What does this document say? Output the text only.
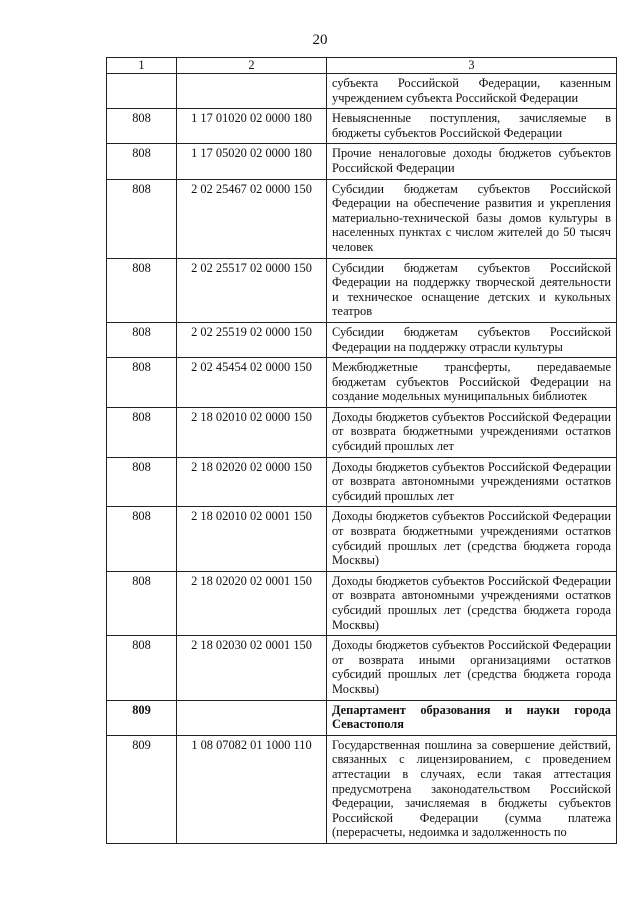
20
1	2	3
		субъекта Российской Федерации, казенным учреждением субъекта Российской Федерации
808	1 17 01020 02 0000 180	Невыясненные поступления, зачисляемые в бюджеты субъектов Российской Федерации
808	1 17 05020 02 0000 180	Прочие неналоговые доходы бюджетов субъектов Российской Федерации
808	2 02 25467 02 0000 150	Субсидии бюджетам субъектов Российской Федерации на обеспечение развития и укрепления материально-технической базы домов культуры в населенных пунктах с числом жителей до 50 тысяч человек
808	2 02 25517 02 0000 150	Субсидии бюджетам субъектов Российской Федерации на поддержку творческой деятельности и техническое оснащение детских и кукольных театров
808	2 02 25519 02 0000 150	Субсидии бюджетам субъектов Российской Федерации на поддержку отрасли культуры
808	2 02 45454 02 0000 150	Межбюджетные трансферты, передаваемые бюджетам субъектов Российской Федерации на создание модельных муниципальных библиотек
808	2 18 02010 02 0000 150	Доходы бюджетов субъектов Российской Федерации от возврата бюджетными учреждениями остатков субсидий прошлых лет
808	2 18 02020 02 0000 150	Доходы бюджетов субъектов Российской Федерации от возврата автономными учреждениями остатков субсидий прошлых лет
808	2 18 02010 02 0001 150	Доходы бюджетов субъектов Российской Федерации от возврата бюджетными учреждениями остатков субсидий прошлых лет (средства бюджета города Москвы)
808	2 18 02020 02 0001 150	Доходы бюджетов субъектов Российской Федерации от возврата автономными учреждениями остатков субсидий прошлых лет (средства бюджета города Москвы)
808	2 18 02030 02 0001 150	Доходы бюджетов субъектов Российской Федерации от возврата иными организациями остатков субсидий прошлых лет (средства бюджета города Москвы)
809		Департамент образования и науки города Севастополя
809	1 08 07082 01 1000 110	Государственная пошлина за совершение действий, связанных с лицензированием, с проведением аттестации в случаях, если такая аттестация предусмотрена законодательством Российской Федерации, зачисляемая в бюджеты субъектов Российской Федерации (сумма платежа (перерасчеты, недоимка и задолженность по
